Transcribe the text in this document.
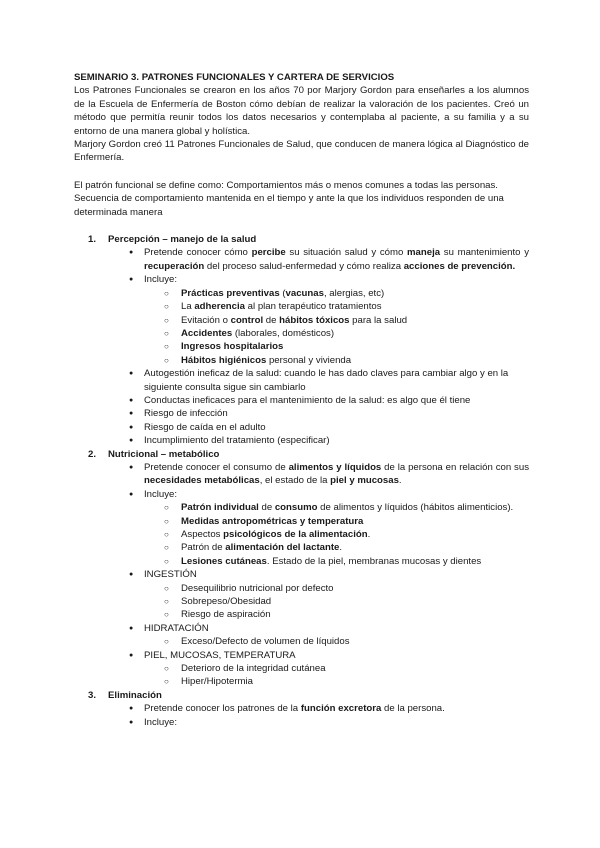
SEMINARIO 3. PATRONES FUNCIONALES Y CARTERA DE SERVICIOS
Los Patrones Funcionales se crearon en los años 70 por Marjory Gordon para enseñarles a los alumnos de la Escuela de Enfermería de Boston cómo debían de realizar la valoración de los pacientes. Creó un método que permitía reunir todos los datos necesarios y contemplaba al paciente, a su familia y a su entorno de una manera global y holística.
Marjory Gordon creó 11 Patrones Funcionales de Salud, que conducen de manera lógica al Diagnóstico de Enfermería.
El patrón funcional se define como: Comportamientos más o menos comunes a todas las personas.
Secuencia de comportamiento mantenida en el tiempo y ante la que los individuos responden de una determinada manera
1.	Percepción – manejo de la salud
● Pretende conocer cómo percibe su situación salud y cómo maneja su mantenimiento y recuperación del proceso salud-enfermedad y cómo realiza acciones de prevención.
● Incluye:
○ Prácticas preventivas (vacunas, alergias, etc)
○ La adherencia al plan terapéutico tratamientos
○ Evitación o control de hábitos tóxicos para la salud
○ Accidentes (laborales, domésticos)
○ Ingresos hospitalarios
○ Hábitos higiénicos personal y vivienda
● Autogestión ineficaz de la salud: cuando le has dado claves para cambiar algo y en la siguiente consulta sigue sin cambiarlo
● Conductas ineficaces para el mantenimiento de la salud: es algo que él tiene
● Riesgo de infección
● Riesgo de caída en el adulto
● Incumplimiento del tratamiento (especificar)
2.	Nutricional – metabólico
● Pretende conocer el consumo de alimentos y líquidos de la persona en relación con sus necesidades metabólicas, el estado de la piel y mucosas.
● Incluye:
○ Patrón individual de consumo de alimentos y líquidos (hábitos alimenticios).
○ Medidas antropométricas y temperatura
○ Aspectos psicológicos de la alimentación.
○ Patrón de alimentación del lactante.
○ Lesiones cutáneas. Estado de la piel, membranas mucosas y dientes
● INGESTIÓN
○ Desequilibrio nutricional por defecto
○ Sobrepeso/Obesidad
○ Riesgo de aspiración
● HIDRATACIÓN
○ Exceso/Defecto de volumen de líquidos
● PIEL, MUCOSAS, TEMPERATURA
○ Deterioro de la integridad cutánea
○ Hiper/Hipotermia
3.	Eliminación
● Pretende conocer los patrones de la función excretora de la persona.
● Incluye:
